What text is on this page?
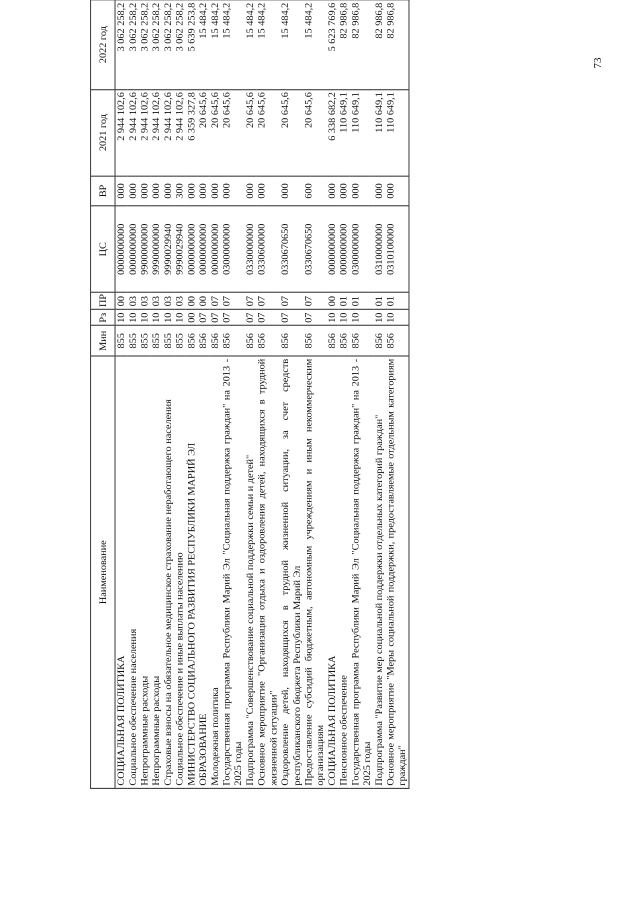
73
Наименование	Мин	Рз	ПР	ЦС	ВР	2021 год	2022 год	
СОЦИАЛЬНАЯ ПОЛИТИКА	855	10	00	0000000000	000	2 944 102,6	3 062 258,2	
Социальное обеспечение населения	855	10	03	0000000000	000	2 944 102,6	3 062 258,2	
Непрограммные расходы	855	10	03	9900000000	000	2 944 102,6	3 062 258,2	
Непрограммные расходы	855	10	03	9990000000	000	2 944 102,6	3 062 258,2	
Страховые взносы на обязательное медицинское страхование неработающего населения	855	10	03	9990029940	000	2 944 102,6	3 062 258,2	
Социальное обеспечение и иные выплаты населению	855	10	03	9990029940	300	2 944 102,6	3 062 258,2	
МИНИСТЕРСТВО СОЦИАЛЬНОГО РАЗВИТИЯ РЕСПУБЛИКИ МАРИЙ ЭЛ	856	00	00	0000000000	000	6 359 327,8	5 639 253,8	
ОБРАЗОВАНИЕ	856	07	00	0000000000	000	20 645,6	15 484,2	
Молодежная политика	856	07	07	0000000000	000	20 645,6	15 484,2	
Государственная программа Республики Марий Эл "Социальная поддержка граждан" на 2013 - 2025 годы	856	07	07	0300000000	000	20 645,6	15 484,2	
Подпрограмма "Совершенствование социальной поддержки семьи и детей"	856	07	07	0330000000	000	20 645,6	15 484,2	
Основное мероприятие "Организация отдыха и оздоровления детей, находящихся в трудной жизненной ситуации"	856	07	07	0330600000	000	20 645,6	15 484,2	
Оздоровление детей, находящихся в трудной жизненной ситуации, за счет средств республиканского бюджета Республики Марий Эл	856	07	07	0330670650	000	20 645,6	15 484,2	
Предоставление субсидий бюджетным, автономным учреждениям и иным некоммерческим организациям	856	07	07	0330670650	600	20 645,6	15 484,2	
СОЦИАЛЬНАЯ ПОЛИТИКА	856	10	00	0000000000	000	6 338 682,2	5 623 769,6	
Пенсионное обеспечение	856	10	01	0000000000	000	110 649,1	82 986,8	
Государственная программа Республики Марий Эл "Социальная поддержка граждан" на 2013 - 2025 годы	856	10	01	0300000000	000	110 649,1	82 986,8	
Подпрограмма "Развитие мер социальной поддержки отдельных категорий граждан"	856	10	01	0310000000	000	110 649,1	82 986,8	
Основное мероприятие "Меры социальной поддержки, предоставляемые отдельным категориям граждан"	856	10	01	0310100000	000	110 649,1	82 986,8	
